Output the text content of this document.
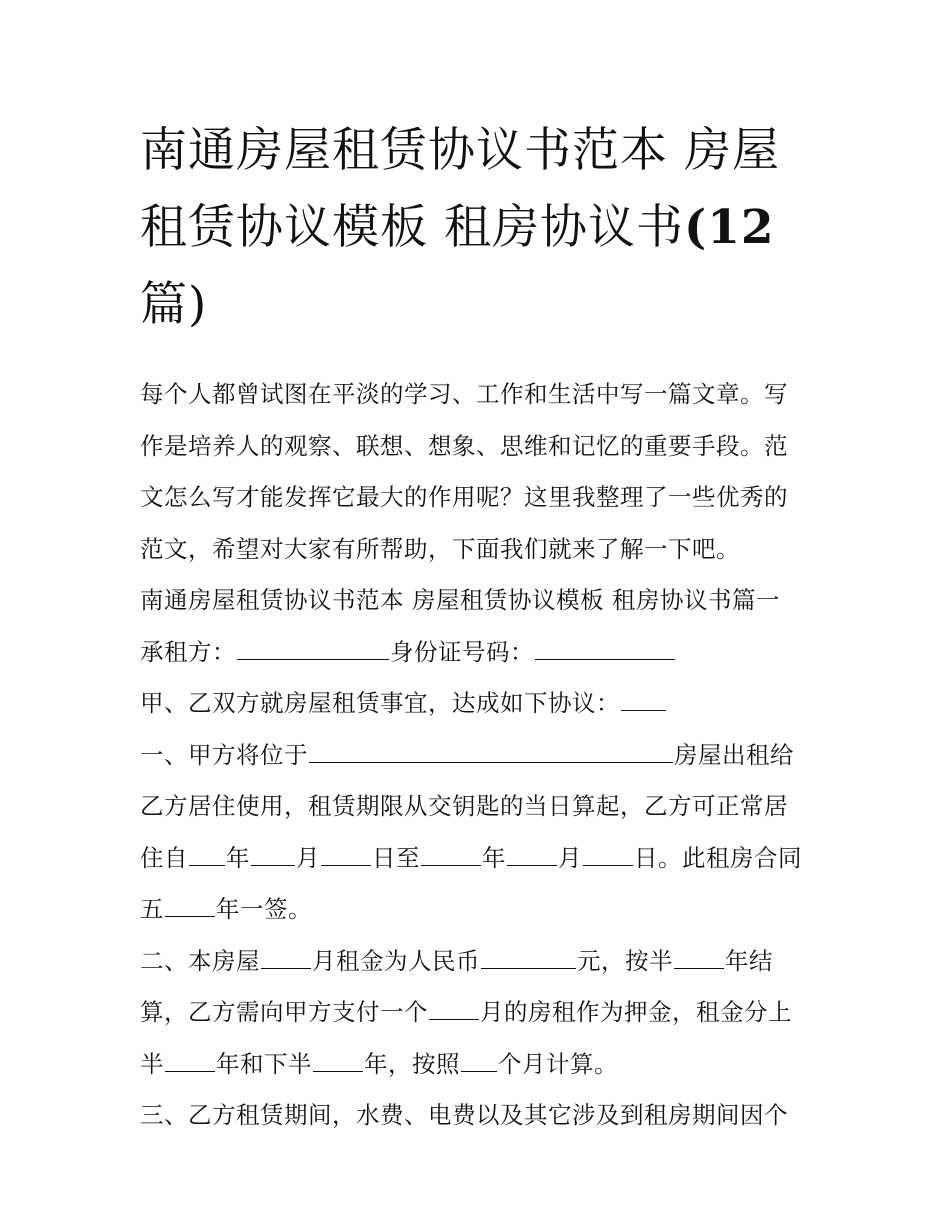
南通房屋租赁协议书范本 房屋租赁协议模板 租房协议书(12
篇)

每个人都曾试图在平淡的学习、工作和生活中写一篇文章。写作是培养人的观察、联想、想象、思维和记忆的重要手段。范文怎么写才能发挥它最大的作用呢？这里我整理了一些优秀的范文，希望对大家有所帮助，下面我们就来了解一下吧。

南通房屋租赁协议书范本 房屋租赁协议模板 租房协议书篇一

承租方：	身份证号码：

甲、乙双方就房屋租赁事宜，达成如下协议：

一、甲方将位于	房屋出租给乙方居住使用，租赁期限从交钥匙的当日算起，乙方可正常居住自 年 月 日至	年 月 日。此租房合同五 年一签。

二、本房屋 月租金为人民币	元，按半 年结算，乙方需向甲方支付一个 月的房租作为押金，租金分上半 年和下半 年，按照 个月计算。

三、乙方租赁期间，水费、电费以及其它涉及到租房期间因个
